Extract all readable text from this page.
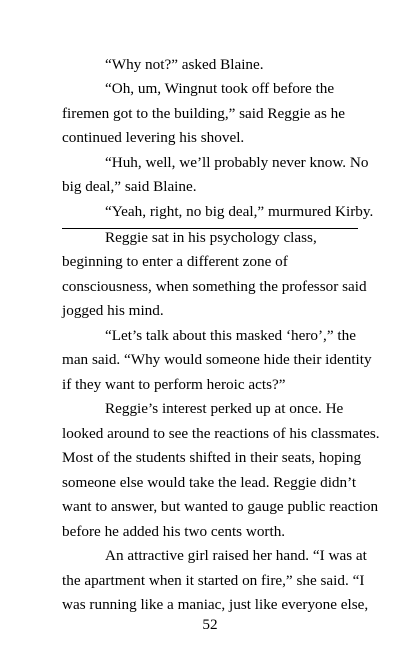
“Why not?” asked Blaine.
“Oh, um, Wingnut took off before the
firemen got to the building,” said Reggie as he
continued levering his shovel.
“Huh, well, we’ll probably never know. No
big deal,” said Blaine.
“Yeah, right, no big deal,” murmured Kirby.
Reggie sat in his psychology class,
beginning to enter a different zone of
consciousness, when something the professor said
jogged his mind.
“Let’s talk about this masked ‘hero’,” the
man said. “Why would someone hide their identity
if they want to perform heroic acts?”
Reggie’s interest perked up at once. He
looked around to see the reactions of his classmates.
Most of the students shifted in their seats, hoping
someone else would take the lead. Reggie didn’t
want to answer, but wanted to gauge public reaction
before he added his two cents worth.
An attractive girl raised her hand. “I was at
the apartment when it started on fire,” she said. “I
was running like a maniac, just like everyone else,
52
